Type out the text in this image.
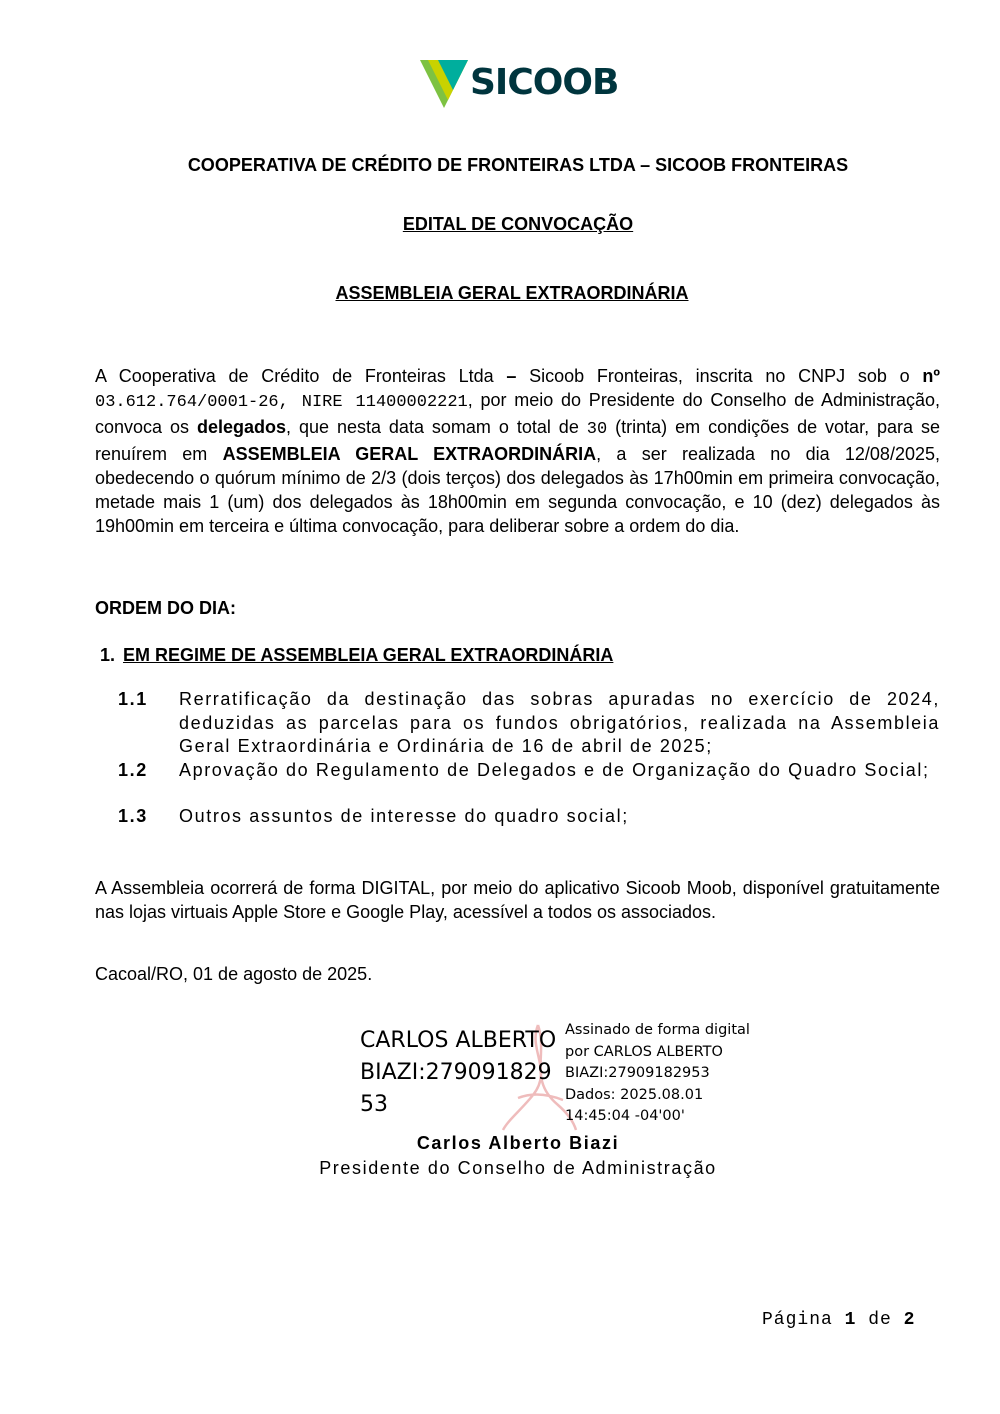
SICOOB
COOPERATIVA DE CRÉDITO DE FRONTEIRAS LTDA – SICOOB FRONTEIRAS
EDITAL DE CONVOCAÇÃO
ASSEMBLEIA GERAL EXTRAORDINÁRIA
A Cooperativa de Crédito de Fronteiras Ltda – Sicoob Fronteiras, inscrita no CNPJ sob o nº 03.612.764/0001-26, NIRE 11400002221, por meio do Presidente do Conselho de Administração, convoca os delegados, que nesta data somam o total de 30 (trinta) em condições de votar, para se renuírem em ASSEMBLEIA GERAL EXTRAORDINÁRIA, a ser realizada no dia 12/08/2025, obedecendo o quórum mínimo de 2/3 (dois terços) dos delegados às 17h00min em primeira convocação, metade mais 1 (um) dos delegados às 18h00min em segunda convocação, e 10 (dez) delegados às 19h00min em terceira e última convocação, para deliberar sobre a ordem do dia.
ORDEM DO DIA:
1. EM REGIME DE ASSEMBLEIA GERAL EXTRAORDINÁRIA
1.1 Rerratificação da destinação das sobras apuradas no exercício de 2024, deduzidas as parcelas para os fundos obrigatórios, realizada na Assembleia Geral Extraordinária e Ordinária de 16 de abril de 2025;
1.2 Aprovação do Regulamento de Delegados e de Organização do Quadro Social;
1.3 Outros assuntos de interesse do quadro social;
A Assembleia ocorrerá de forma DIGITAL, por meio do aplicativo Sicoob Moob, disponível gratuitamente nas lojas virtuais Apple Store e Google Play, acessível a todos os associados.
Cacoal/RO, 01 de agosto de 2025.
CARLOS ALBERTO BIAZI:27909182953
Assinado de forma digital
por CARLOS ALBERTO
BIAZI:27909182953
Dados: 2025.08.01
14:45:04 -04'00'
Carlos Alberto Biazi
Presidente do Conselho de Administração
Página 1 de 2
